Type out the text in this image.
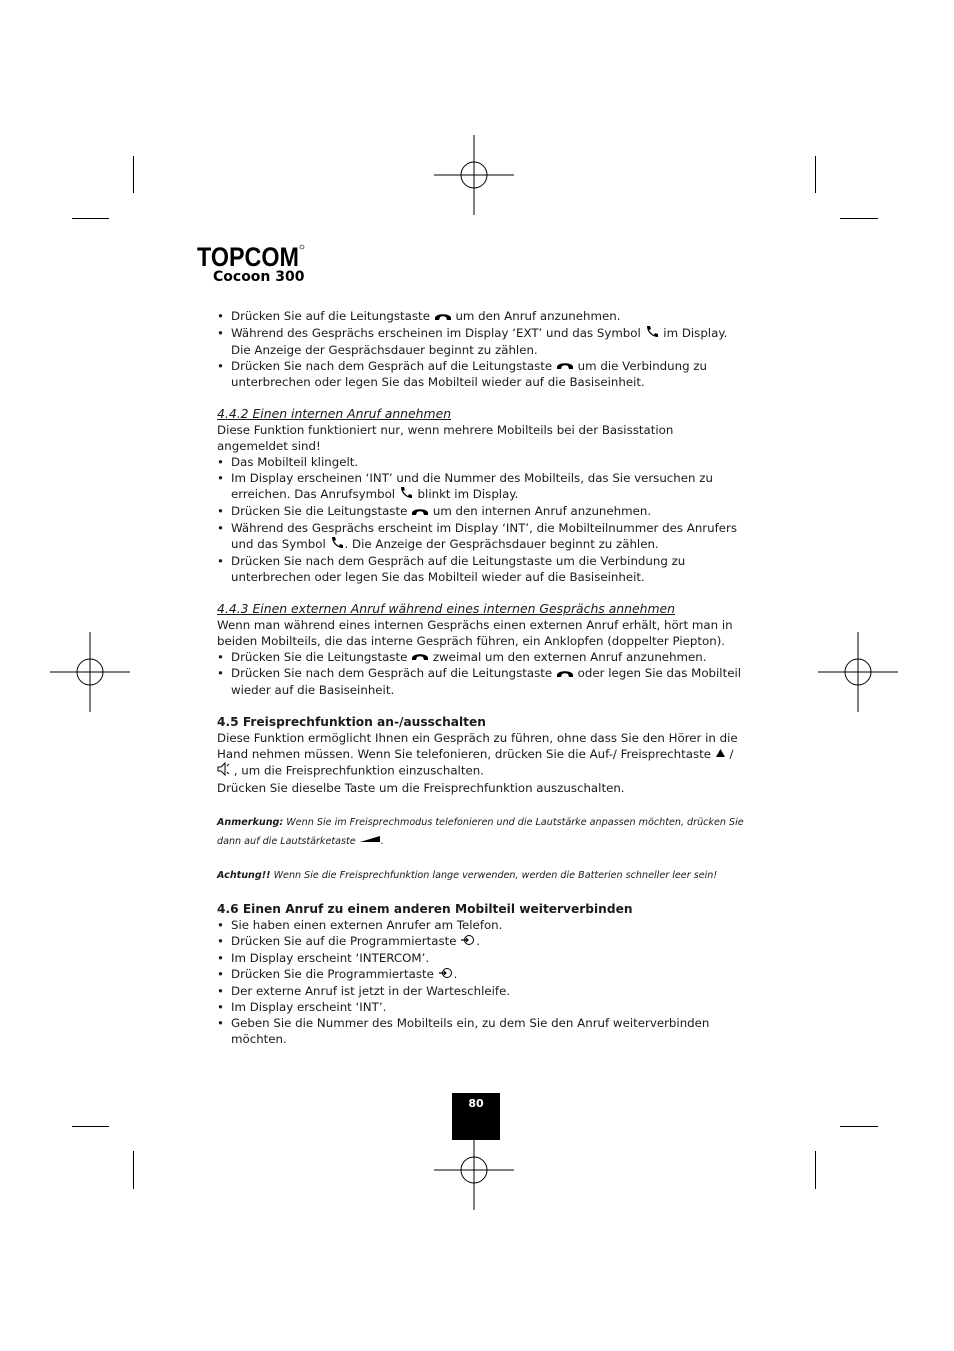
TOPCOM
Cocoon 300
• Drücken Sie auf die Leitungstaste  um den Anruf anzunehmen.
• Während des Gesprächs erscheinen im Display ‘EXT’ und das Symbol  im Display. Die Anzeige der Gesprächsdauer beginnt zu zählen.
• Drücken Sie nach dem Gespräch auf die Leitungstaste  um die Verbindung zu unterbrechen oder legen Sie das Mobilteil wieder auf die Basiseinheit.
4.4.2 Einen internen Anruf annehmen

Diese Funktion funktioniert nur, wenn mehrere Mobilteils bei der Basisstation angemeldet sind!

• Das Mobilteil klingelt.
• Im Display erscheinen ‘INT’ und die Nummer des Mobilteils, das Sie versuchen zu erreichen. Das Anrufsymbol  blinkt im Display.
• Drücken Sie die Leitungstaste  um den internen Anruf anzunehmen.
• Während des Gesprächs erscheint im Display ‘INT’, die Mobilteilnummer des Anrufers und das Symbol . Die Anzeige der Gesprächsdauer beginnt zu zählen.
• Drücken Sie nach dem Gespräch auf die Leitungstaste um die Verbindung zu unterbrechen oder legen Sie das Mobilteil wieder auf die Basiseinheit.
4.4.3 Einen externen Anruf während eines internen Gesprächs annehmen

Wenn man während eines internen Gesprächs einen externen Anruf erhält, hört man in beiden Mobilteils, die das interne Gespräch führen, ein Anklopfen (doppelter Piepton).

• Drücken Sie die Leitungstaste  zweimal um den externen Anruf anzunehmen.
• Drücken Sie nach dem Gespräch auf die Leitungstaste  oder legen Sie das Mobilteil wieder auf die Basiseinheit.
4.5 Freisprechfunktion an-/ausschalten

Diese Funktion ermöglicht Ihnen ein Gespräch zu führen, ohne dass Sie den Hörer in die Hand nehmen müssen. Wenn Sie telefonieren, drücken Sie die Auf-/ Freisprechtaste  / , um die Freisprechfunktion einzuschalten.

Drücken Sie dieselbe Taste um die Freisprechfunktion auszuschalten.

Anmerkung: Wenn Sie im Freisprechmodus telefonieren und die Lautstärke anpassen möchten, drücken Sie dann auf die Lautstärketaste .

Achtung!! Wenn Sie die Freisprechfunktion lange verwenden, werden die Batterien schneller leer sein!

4.6 Einen Anruf zu einem anderen Mobilteil weiterverbinden
• Sie haben einen externen Anrufer am Telefon.
• Drücken Sie auf die Programmiertaste .
• Im Display erscheint ‘INTERCOM’.
• Drücken Sie die Programmiertaste .
• Der externe Anruf ist jetzt in der Warteschleife.
• Im Display erscheint ‘INT’.
• Geben Sie die Nummer des Mobilteils ein, zu dem Sie den Anruf weiterverbinden möchten.
80
